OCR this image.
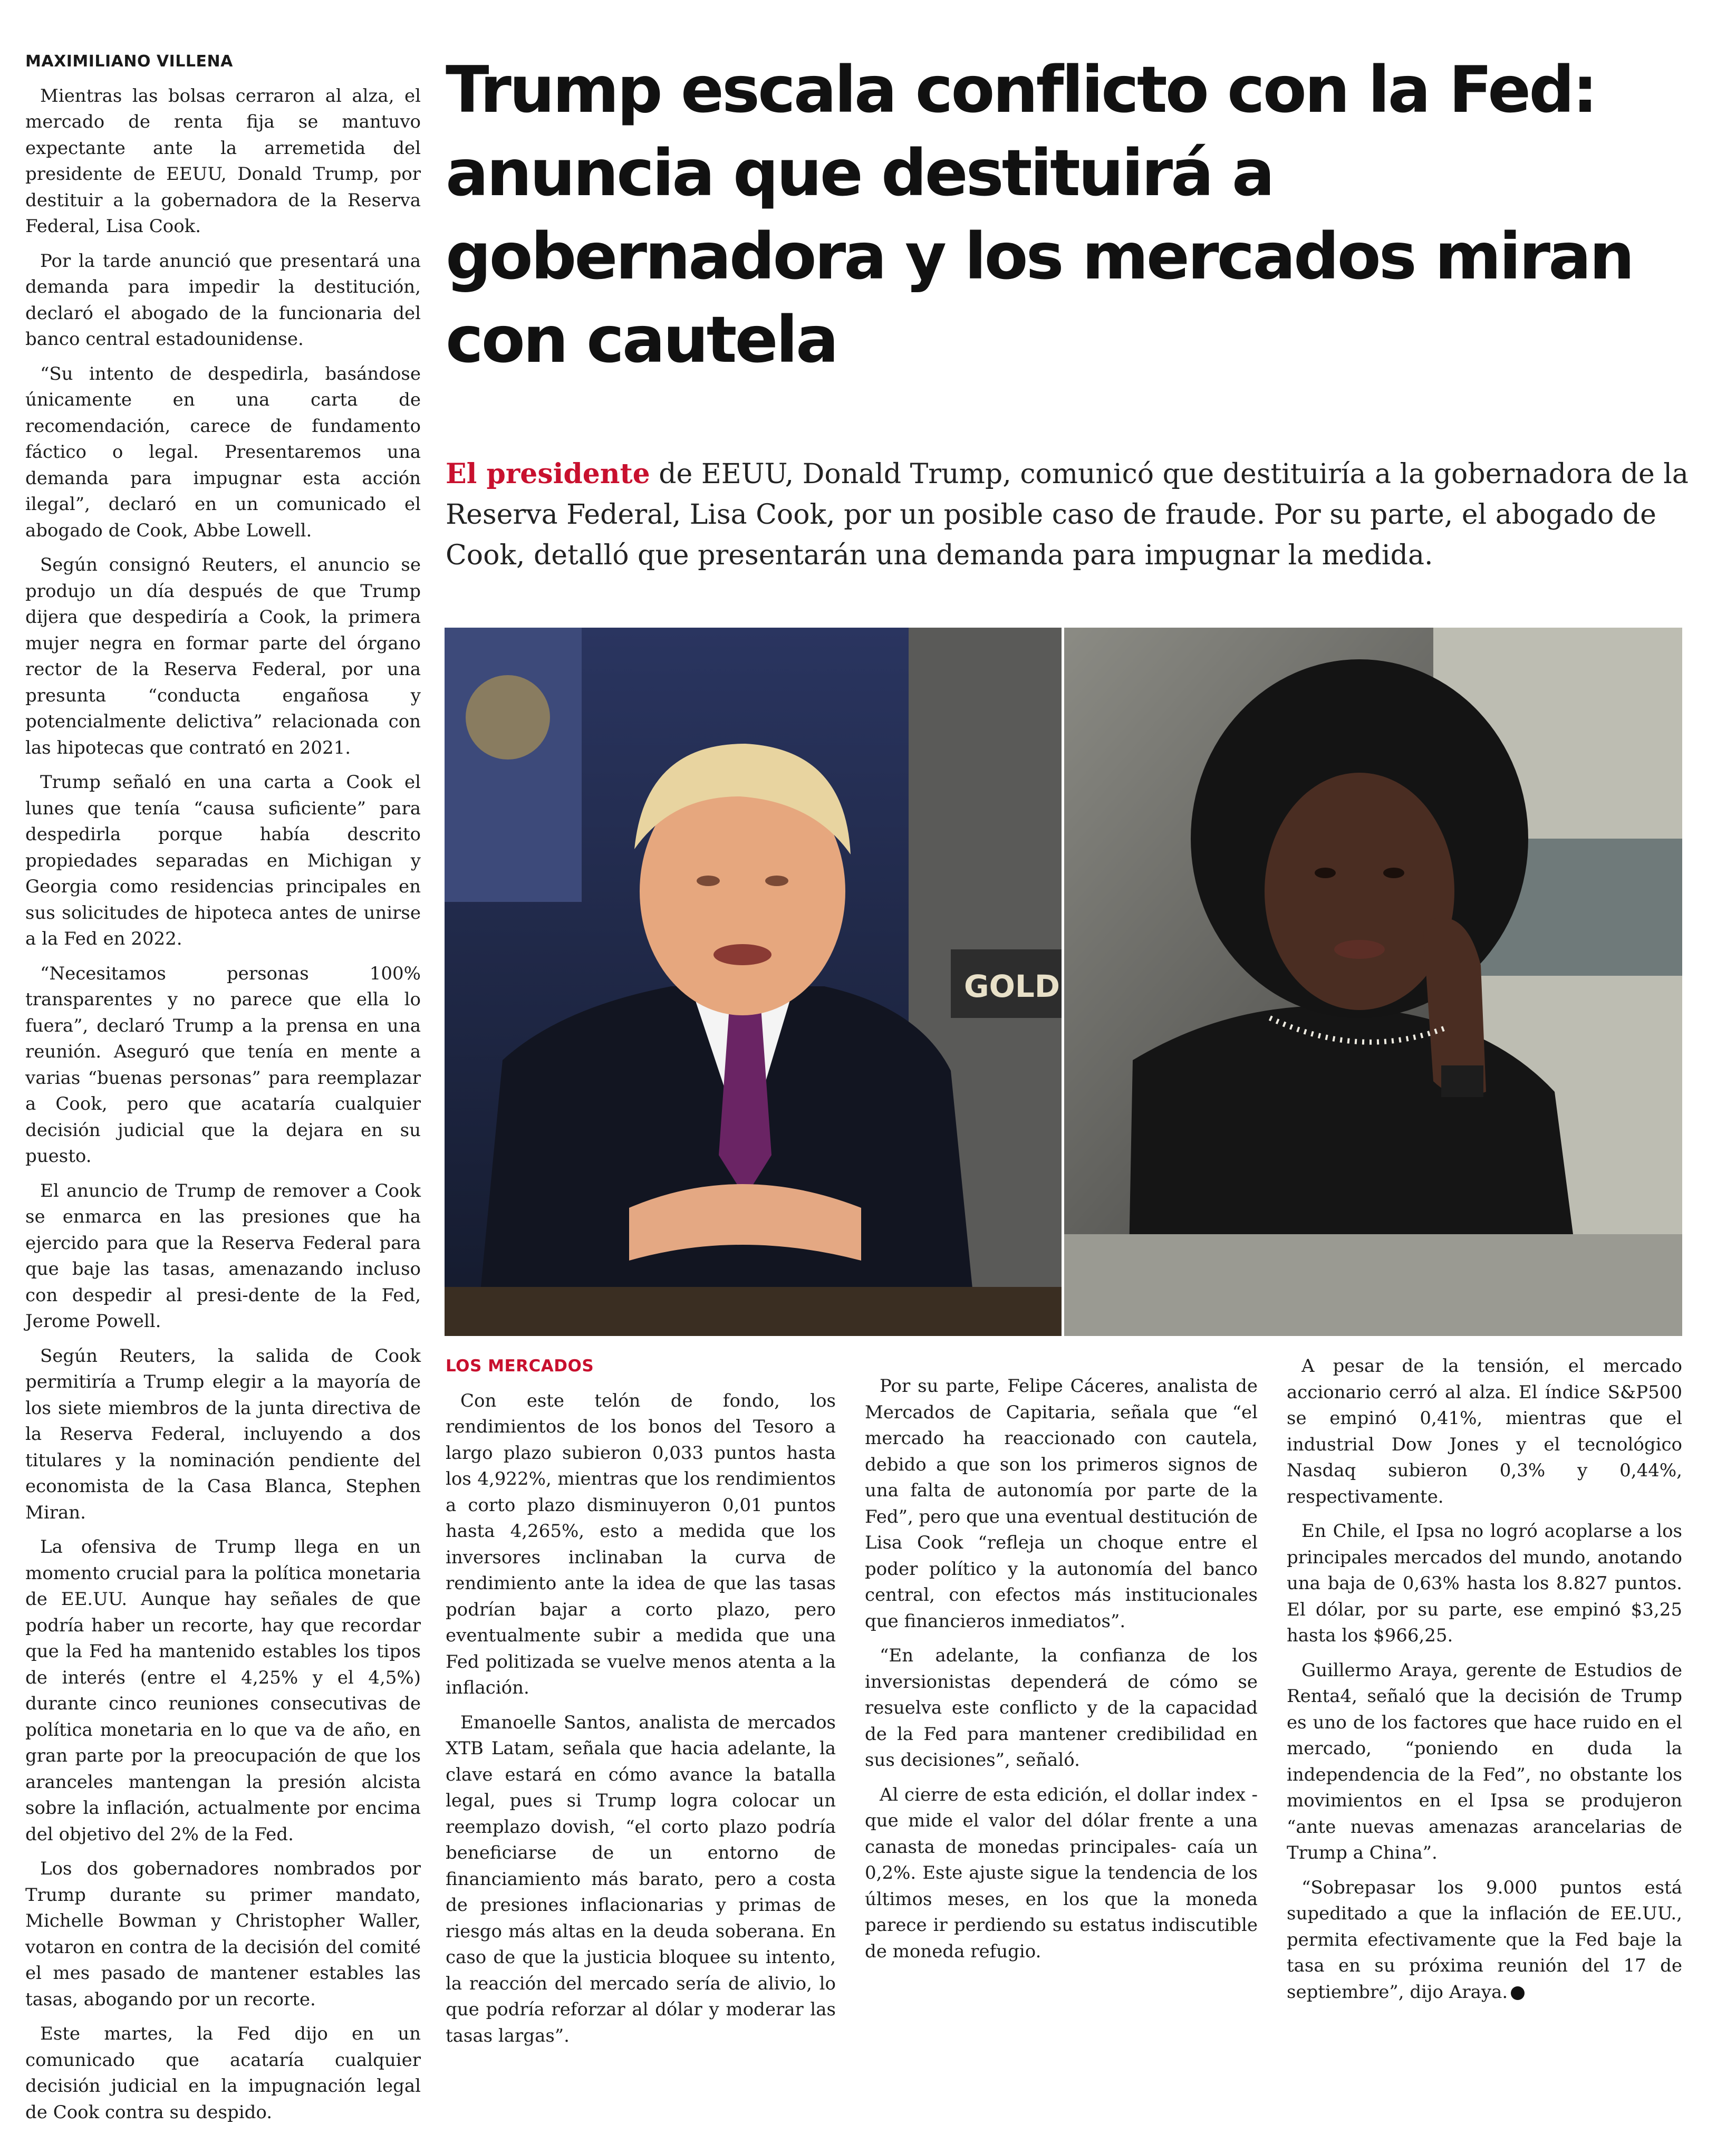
MAXIMILIANO VILLENA

Mientras las bolsas cerraron al alza, el mercado de renta fija se mantuvo expectante ante la arremetida del presidente de EEUU, Donald Trump, por destituir a la gobernadora de la Reserva Federal, Lisa Cook.

Por la tarde anunció que presentará una demanda para impedir la destitución, declaró el abogado de la funcionaria del banco central estadounidense.

“Su intento de despedirla, basándose únicamente en una carta de recomendación, carece de fundamento fáctico o legal. Presentaremos una demanda para impugnar esta acción ilegal”, declaró en un comunicado el abogado de Cook, Abbe Lowell.

Según consignó Reuters, el anuncio se produjo un día después de que Trump dijera que despediría a Cook, la primera mujer negra en formar parte del órgano rector de la Reserva Federal, por una presunta “conducta engañosa y potencialmente delictiva” relacionada con las hipotecas que contrató en 2021.

Trump señaló en una carta a Cook el lunes que tenía “causa suficiente” para despedirla porque había descrito propiedades separadas en Michigan y Georgia como residencias principales en sus solicitudes de hipoteca antes de unirse a la Fed en 2022.

“Necesitamos personas 100% transparentes y no parece que ella lo fuera”, declaró Trump a la prensa en una reunión. Aseguró que tenía en mente a varias “buenas personas” para reemplazar a Cook, pero que acataría cualquier decisión judicial que la dejara en su puesto.

El anuncio de Trump de remover a Cook se enmarca en las presiones que ha ejercido para que la Reserva Federal para que baje las tasas, amenazando incluso con despedir al presi-dente de la Fed, Jerome Powell.

Según Reuters, la salida de Cook permitiría a Trump elegir a la mayoría de los siete miembros de la junta directiva de la Reserva Federal, incluyendo a dos titulares y la nominación pendiente del economista de la Casa Blanca, Stephen Miran.

La ofensiva de Trump llega en un momento crucial para la política monetaria de EE.UU. Aunque hay señales de que podría haber un recorte, hay que recordar que la Fed ha mantenido estables los tipos de interés (entre el 4,25% y el 4,5%) durante cinco reuniones consecutivas de política monetaria en lo que va de año, en gran parte por la preocupación de que los aranceles mantengan la presión alcista sobre la inflación, actualmente por encima del objetivo del 2% de la Fed.

Los dos gobernadores nombrados por Trump durante su primer mandato, Michelle Bowman y Christopher Waller, votaron en contra de la decisión del comité el mes pasado de mantener estables las tasas, abogando por un recorte.

Este martes, la Fed dijo en un comunicado que acataría cualquier decisión judicial en la impugnación legal de Cook contra su despido.

Trump escala conflicto con la Fed: anuncia que destituirá a gobernadora y los mercados miran con cautela

El presidente de EEUU, Donald Trump, comunicó que destituiría a la gobernadora de la Reserva Federal, Lisa Cook, por un posible caso de fraude. Por su parte, el abogado de Cook, detalló que presentarán una demanda para impugnar la medida.

GOLD

LOS MERCADOS

Con este telón de fondo, los rendimientos de los bonos del Tesoro a largo plazo subieron 0,033 puntos hasta los 4,922%, mientras que los rendimientos a corto plazo disminuyeron 0,01 puntos hasta 4,265%, esto a medida que los inversores inclinaban la curva de rendimiento ante la idea de que las tasas podrían bajar a corto plazo, pero eventualmente subir a medida que una Fed politizada se vuelve menos atenta a la inflación.

Emanoelle Santos, analista de mercados XTB Latam, señala que hacia adelante, la clave estará en cómo avance la batalla legal, pues si Trump logra colocar un reemplazo dovish, “el corto plazo podría beneficiarse de un entorno de financiamiento más barato, pero a costa de presiones inflacionarias y primas de riesgo más altas en la deuda soberana. En caso de que la justicia bloquee su intento, la reacción del mercado sería de alivio, lo que podría reforzar al dólar y moderar las tasas largas”.

Por su parte, Felipe Cáceres, analista de Mercados de Capitaria, señala que “el mercado ha reaccionado con cautela, debido a que son los primeros signos de una falta de autonomía por parte de la Fed”, pero que una eventual destitución de Lisa Cook “refleja un choque entre el poder político y la autonomía del banco central, con efectos más institucionales que financieros inmediatos”.

“En adelante, la confianza de los inversionistas dependerá de cómo se resuelva este conflicto y de la capacidad de la Fed para mantener credibilidad en sus decisiones”, señaló.

Al cierre de esta edición, el dollar index - que mide el valor del dólar frente a una canasta de monedas principales- caía un 0,2%. Este ajuste sigue la tendencia de los últimos meses, en los que la moneda parece ir perdiendo su estatus indiscutible de moneda refugio.

A pesar de la tensión, el mercado accionario cerró al alza. El índice S&P500 se empinó 0,41%, mientras que el industrial Dow Jones y el tecnológico Nasdaq subieron 0,3% y 0,44%, respectivamente.

En Chile, el Ipsa no logró acoplarse a los principales mercados del mundo, anotando una baja de 0,63% hasta los 8.827 puntos. El dólar, por su parte, ese empinó $3,25 hasta los $966,25.

Guillermo Araya, gerente de Estudios de Renta4, señaló que la decisión de Trump es uno de los factores que hace ruido en el mercado, “poniendo en duda la independencia de la Fed”, no obstante los movimientos en el Ipsa se produjeron “ante nuevas amenazas arancelarias de Trump a China”.

“Sobrepasar los 9.000 puntos está supeditado a que la inflación de EE.UU., permita efectivamente que la Fed baje la tasa en su próxima reunión del 17 de septiembre”, dijo Araya. P
